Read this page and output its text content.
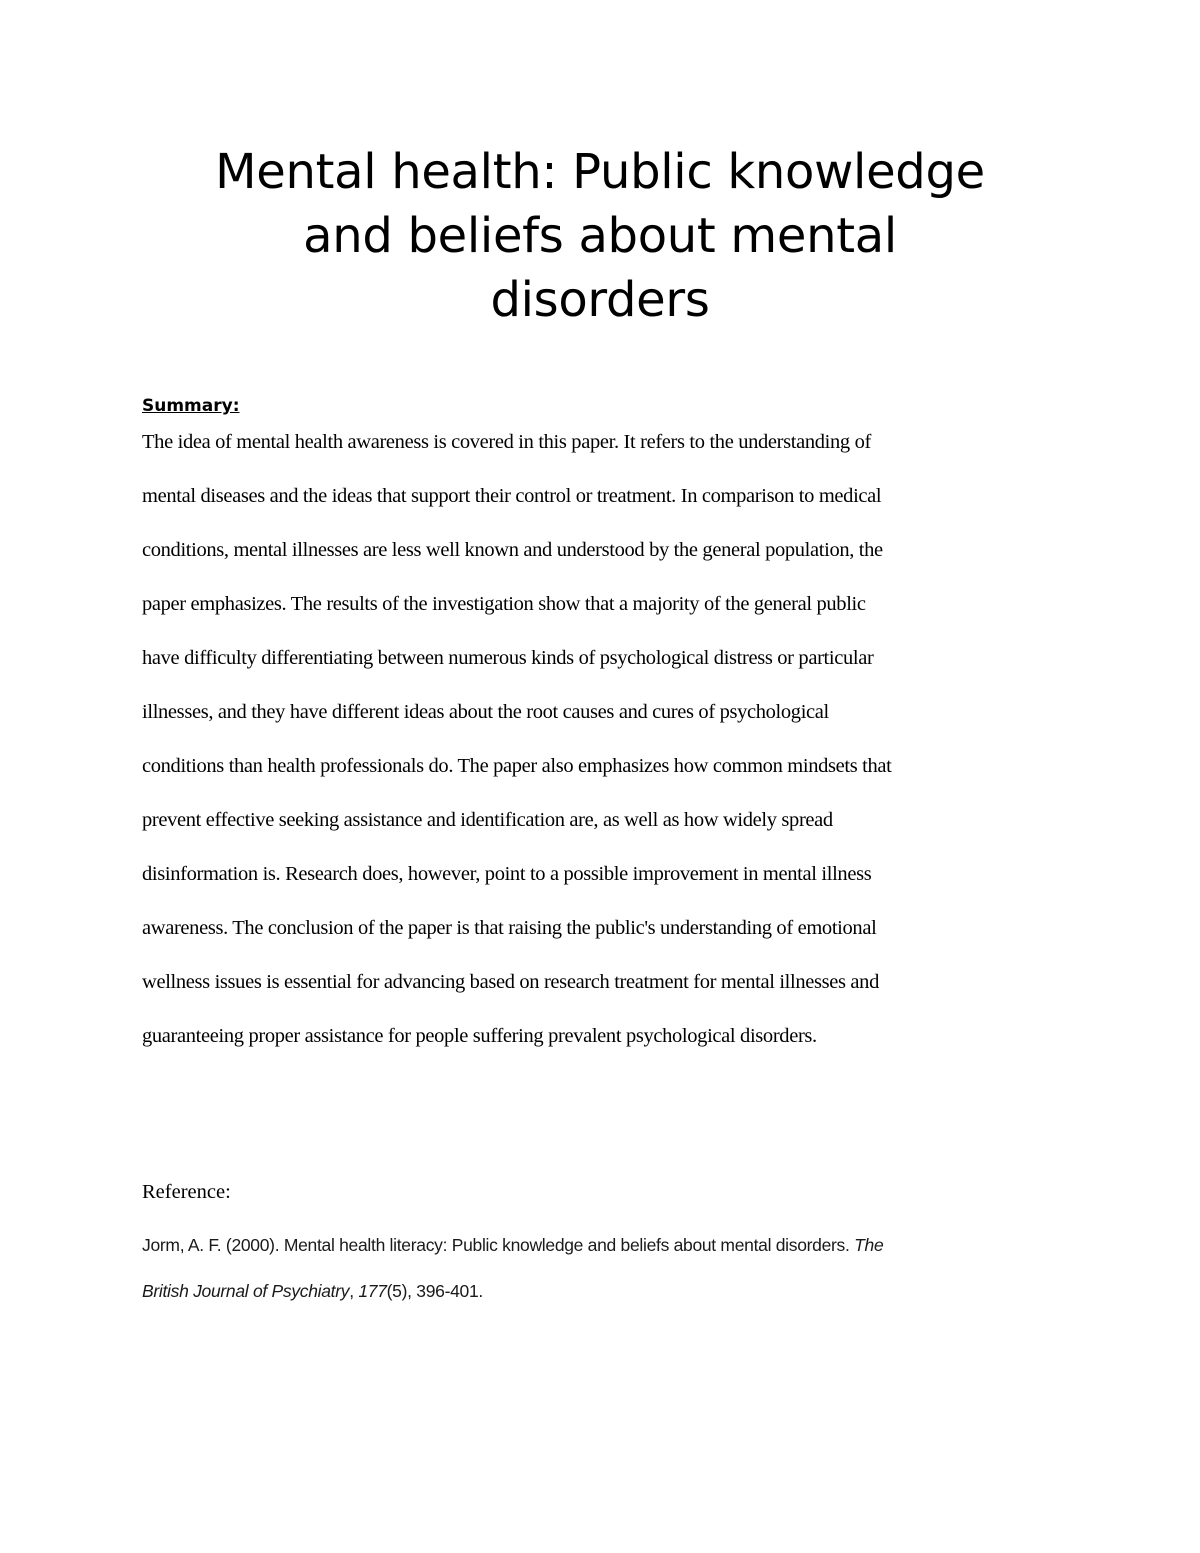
Mental health: Public knowledge
and beliefs about mental
disorders
Summary:
The idea of mental health awareness is covered in this paper. It refers to the understanding of
mental diseases and the ideas that support their control or treatment. In comparison to medical
conditions, mental illnesses are less well known and understood by the general population, the
paper emphasizes. The results of the investigation show that a majority of the general public
have difficulty differentiating between numerous kinds of psychological distress or particular
illnesses, and they have different ideas about the root causes and cures of psychological
conditions than health professionals do. The paper also emphasizes how common mindsets that
prevent effective seeking assistance and identification are, as well as how widely spread
disinformation is. Research does, however, point to a possible improvement in mental illness
awareness. The conclusion of the paper is that raising the public's understanding of emotional
wellness issues is essential for advancing based on research treatment for mental illnesses and
guaranteeing proper assistance for people suffering prevalent psychological disorders.
Reference:
Jorm, A. F. (2000). Mental health literacy: Public knowledge and beliefs about mental disorders. The
British Journal of Psychiatry, 177(5), 396-401.
